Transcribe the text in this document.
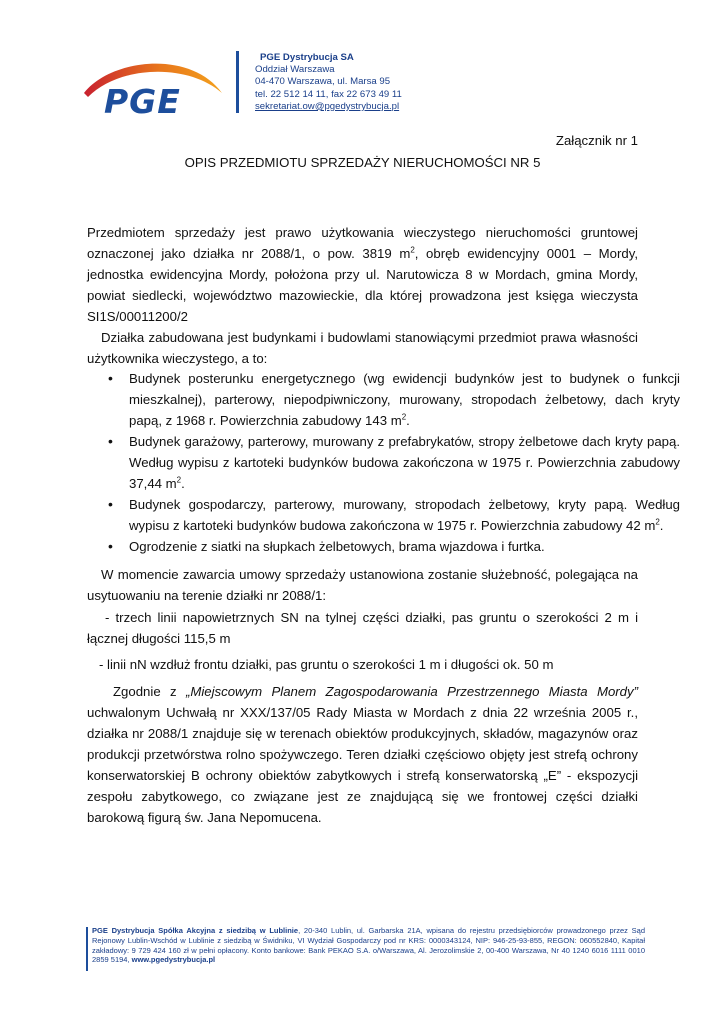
PGE
PGE Dystrybucja SA
Oddział Warszawa
04-470 Warszawa, ul. Marsa 95
tel. 22 512 14 11, fax 22 673 49 11
sekretariat.ow@pgedystrybucja.pl
Załącznik nr 1
OPIS PRZEDMIOTU SPRZEDAŻY NIERUCHOMOŚCI NR 5
Przedmiotem sprzedaży jest prawo użytkowania wieczystego nieruchomości gruntowej oznaczonej jako działka nr 2088/1, o pow. 3819 $m^2$, obręb ewidencyjny 0001 – Mordy, jednostka ewidencyjna Mordy, położona przy ul. Narutowicza 8 w Mordach, gmina Mordy, powiat siedlecki, województwo mazowieckie, dla której prowadzona jest księga wieczysta SI1S/00011200/2
Działka zabudowana jest budynkami i budowlami stanowiącymi przedmiot prawa własności użytkownika wieczystego, a to:
• Budynek posterunku energetycznego (wg ewidencji budynków jest to budynek o funkcji mieszkalnej), parterowy, niepodpiwniczony, murowany, stropodach żelbetowy, dach kryty papą, z 1968 r. Powierzchnia zabudowy 143 $m^2$.
• Budynek garażowy, parterowy, murowany z prefabrykatów, stropy żelbetowe dach kryty papą. Według wypisu z kartoteki budynków budowa zakończona w 1975 r. Powierzchnia zabudowy 37,44 $m^2$.
• Budynek gospodarczy, parterowy, murowany, stropodach żelbetowy, kryty papą. Według wypisu z kartoteki budynków budowa zakończona w 1975 r. Powierzchnia zabudowy 42 $m^2$.
• Ogrodzenie z siatki na słupkach żelbetowych, brama wjazdowa i furtka.
W momencie zawarcia umowy sprzedaży ustanowiona zostanie służebność, polegająca na usytuowaniu na terenie działki nr 2088/1:
- trzech linii napowietrznych SN na tylnej części działki, pas gruntu o szerokości 2 m i łącznej długości 115,5 m
- linii nN wzdłuż frontu działki, pas gruntu o szerokości 1 m i długości ok. 50 m
Zgodnie z „Miejscowym Planem Zagospodarowania Przestrzennego Miasta Mordy” uchwalonym Uchwałą nr XXX/137/05 Rady Miasta w Mordach z dnia 22 września 2005 r., działka nr 2088/1 znajduje się w terenach obiektów produkcyjnych, składów, magazynów oraz produkcji przetwórstwa rolno spożywczego. Teren działki częściowo objęty jest strefą ochrony konserwatorskiej B ochrony obiektów zabytkowych i strefą konserwatorską „E” - ekspozycji zespołu zabytkowego, co związane jest ze znajdującą się we frontowej części działki barokową figurą św. Jana Nepomucena.
PGE Dystrybucja Spółka Akcyjna z siedzibą w Lublinie, 20-340 Lublin, ul. Garbarska 21A, wpisana do rejestru przedsiębiorców prowadzonego przez Sąd Rejonowy Lublin-Wschód w Lublinie z siedzibą w Świdniku, VI Wydział Gospodarczy pod nr KRS: 0000343124, NIP: 946-25-93-855, REGON: 060552840, Kapitał zakładowy: 9 729 424 160 zł w pełni opłacony. Konto bankowe: Bank PEKAO S.A. o/Warszawa, Al. Jerozolimskie 2, 00-400 Warszawa, Nr 40 1240 6016 1111 0010 2859 5194, www.pgedystrybucja.pl
